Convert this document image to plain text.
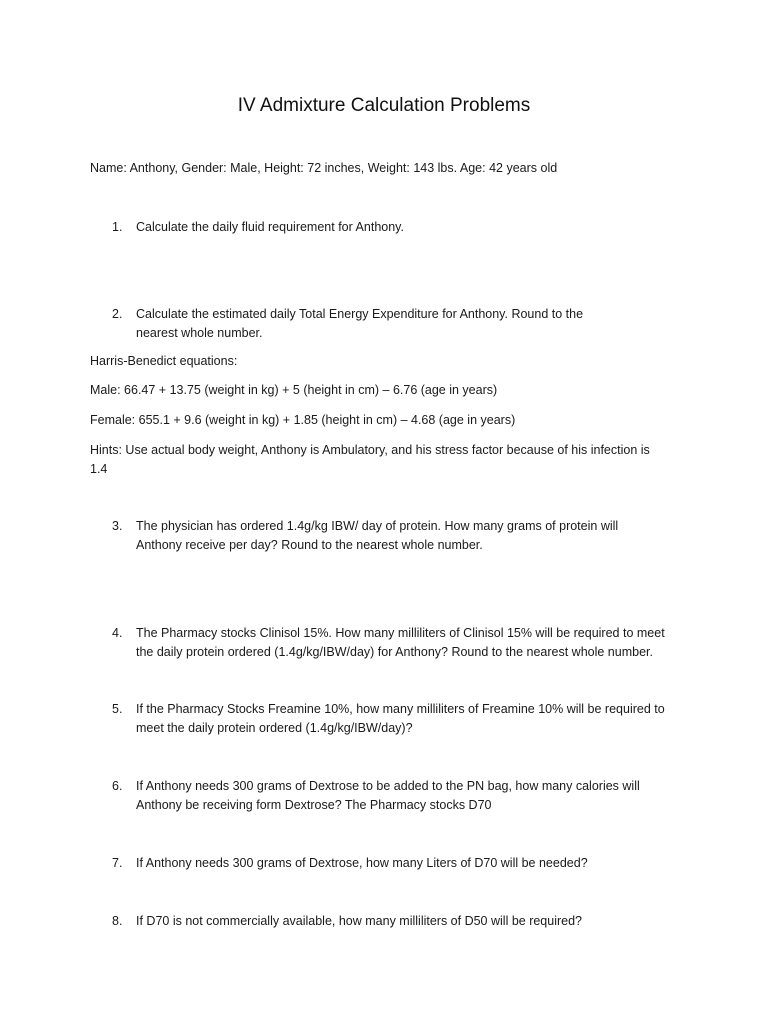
IV Admixture Calculation Problems
Name: Anthony, Gender: Male, Height: 72 inches, Weight: 143 lbs. Age: 42 years old
1.	Calculate the daily fluid requirement for Anthony.
2.	Calculate the estimated daily Total Energy Expenditure for Anthony. Round to the nearest whole number.
Harris-Benedict equations:
Male: 66.47 + 13.75 (weight in kg) + 5 (height in cm) – 6.76 (age in years)
Female: 655.1 + 9.6 (weight in kg) + 1.85 (height in cm) – 4.68 (age in years)
Hints: Use actual body weight, Anthony is Ambulatory, and his stress factor because of his infection is 1.4
3.	The physician has ordered 1.4g/kg IBW/ day of protein. How many grams of protein will Anthony receive per day? Round to the nearest whole number.
4.	The Pharmacy stocks Clinisol 15%. How many milliliters of Clinisol 15% will be required to meet the daily protein ordered (1.4g/kg/IBW/day) for Anthony? Round to the nearest whole number.
5.	If the Pharmacy Stocks Freamine 10%, how many milliliters of Freamine 10% will be required to meet the daily protein ordered (1.4g/kg/IBW/day)?
6.	If Anthony needs 300 grams of Dextrose to be added to the PN bag, how many calories will Anthony be receiving form Dextrose? The Pharmacy stocks D70
7.	If Anthony needs 300 grams of Dextrose, how many Liters of D70 will be needed?
8.	If D70 is not commercially available, how many milliliters of D50 will be required?
